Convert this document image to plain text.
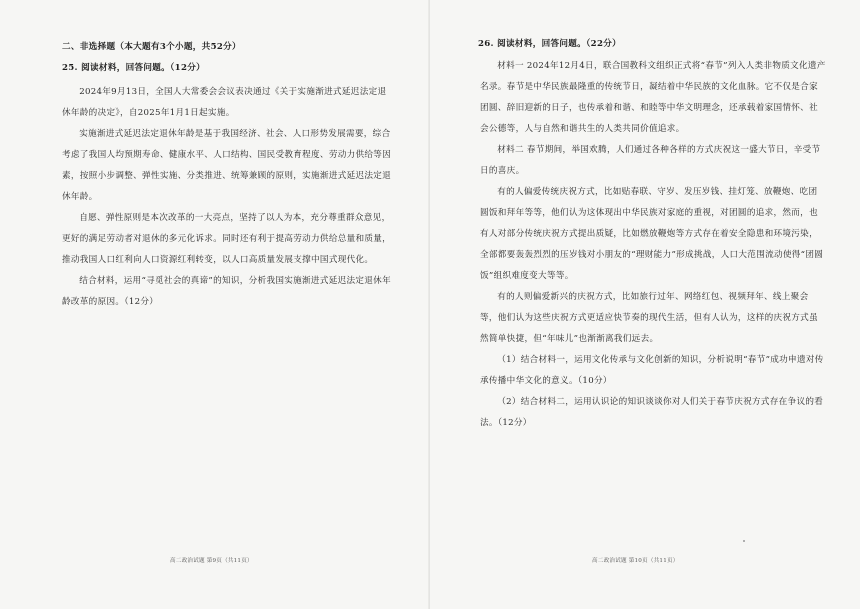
二、非选择题（本大题有3个小题，共52分）
25. 阅读材料，回答问题。（12分）

2024年9月13日，全国人大常委会会议表决通过《关于实施渐进式延迟法定退休年龄的决定》，自2025年1月1日起实施。

实施渐进式延迟法定退休年龄是基于我国经济、社会、人口形势发展需要，综合考虑了我国人均预期寿命、健康水平、人口结构、国民受教育程度、劳动力供给等因素，按照小步调整、弹性实施、分类推进、统筹兼顾的原则，实施渐进式延迟法定退休年龄。

自愿、弹性原则是本次改革的一大亮点，坚持了以人为本，充分尊重群众意见，更好的满足劳动者对退休的多元化诉求。同时还有利于提高劳动力供给总量和质量，推动我国人口红利向人口资源红利转变，以人口高质量发展支撑中国式现代化。

结合材料，运用“寻觅社会的真谛”的知识，分析我国实施渐进式延迟法定退休年龄改革的原因。（12分）

高二政治试题 第9页（共11页）
26. 阅读材料，回答问题。（22分）

材料一 2024年12月4日，联合国教科文组织正式将“春节”列入人类非物质文化遗产名录。春节是中华民族最隆重的传统节日，凝结着中华民族的文化血脉。它不仅是合家团圆、辞旧迎新的日子，也传承着和谐、和睦等中华文明理念，还承载着家国情怀、社会公德等，人与自然和谐共生的人类共同价值追求。

材料二 春节期间，举国欢腾，人们通过各种各样的方式庆祝这一盛大节日，辛受节日的喜庆。

有的人偏爱传统庆祝方式，比如贴春联、守岁、发压岁钱、挂灯笼、放鞭炮、吃团圆饭和拜年等等，他们认为这体现出中华民族对家庭的重视，对团圆的追求，然而，也有人对部分传统庆祝方式提出质疑，比如燃放鞭炮等方式存在着安全隐患和环境污染，全部都要轰轰烈烈的压岁钱对小朋友的“理财能力”形成挑战，人口大范围流动使得“团圆饭”组织难度变大等等。

有的人则偏爱新兴的庆祝方式，比如旅行过年、网络红包、视频拜年、线上聚会等，他们认为这些庆祝方式更适应快节奏的现代生活，但有人认为，这样的庆祝方式虽然简单快捷，但“年味儿”也渐渐离我们远去。

（1）结合材料一，运用文化传承与文化创新的知识，分析说明“春节”成功申遗对传承传播中华文化的意义。（10分）

（2）结合材料二，运用认识论的知识谈谈你对人们关于春节庆祝方式存在争议的看法。（12分）

高二政治试题 第10页（共11页）
